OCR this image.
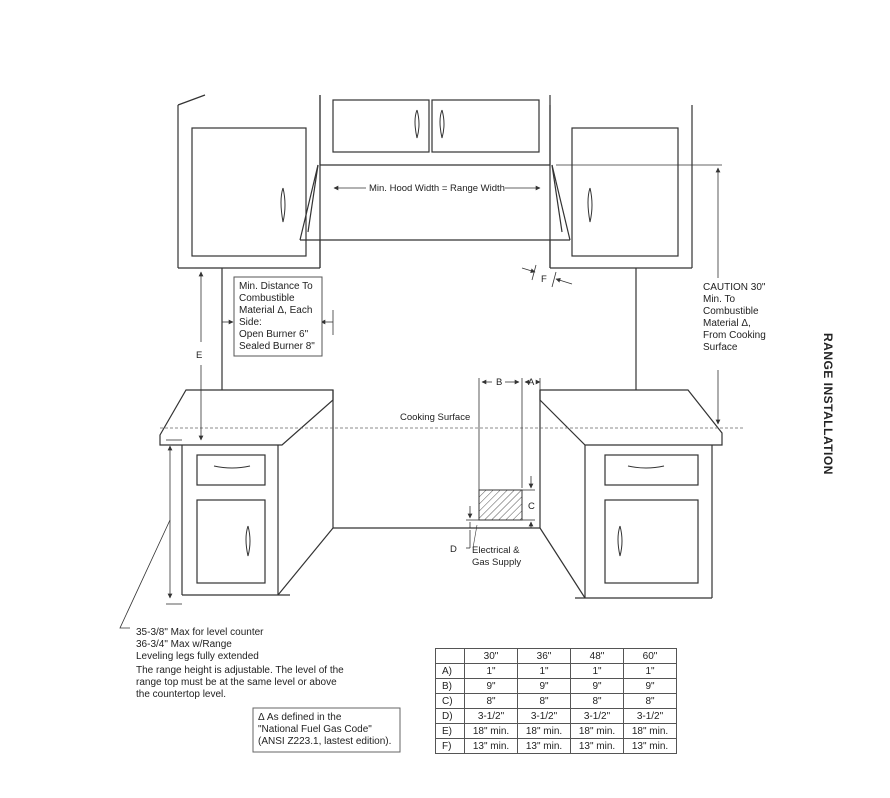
Min. Hood Width = Range Width
Cooking Surface
B	A
C
D
E
F
Electrical &
Gas Supply
CAUTION 30"
Min. To
Combustible
Material Δ,
From Cooking
Surface	RANGE INSTALLATION
Min. Distance To
Combustible
Material Δ, Each
Side:
Open Burner 6"
Sealed Burner 8"
35-3/8" Max for level counter
36-3/4" Max w/Range
Leveling legs fully extended
The range height is adjustable. The level of the
range top must be at the same level or above
the countertop level.
Δ As defined in the
"National Fuel Gas Code"
(ANSI Z223.1, lastest edition).
	30"	36"	48"	60"
A)	1"	1"	1"	1"
B)	9"	9"	9"	9"
C)	8"	8"	8"	8"
D)	3-1/2"	3-1/2"	3-1/2"	3-1/2"
E)	18" min.	18" min.	18" min.	18" min.
F)	13" min.	13" min.	13" min.	13" min.
